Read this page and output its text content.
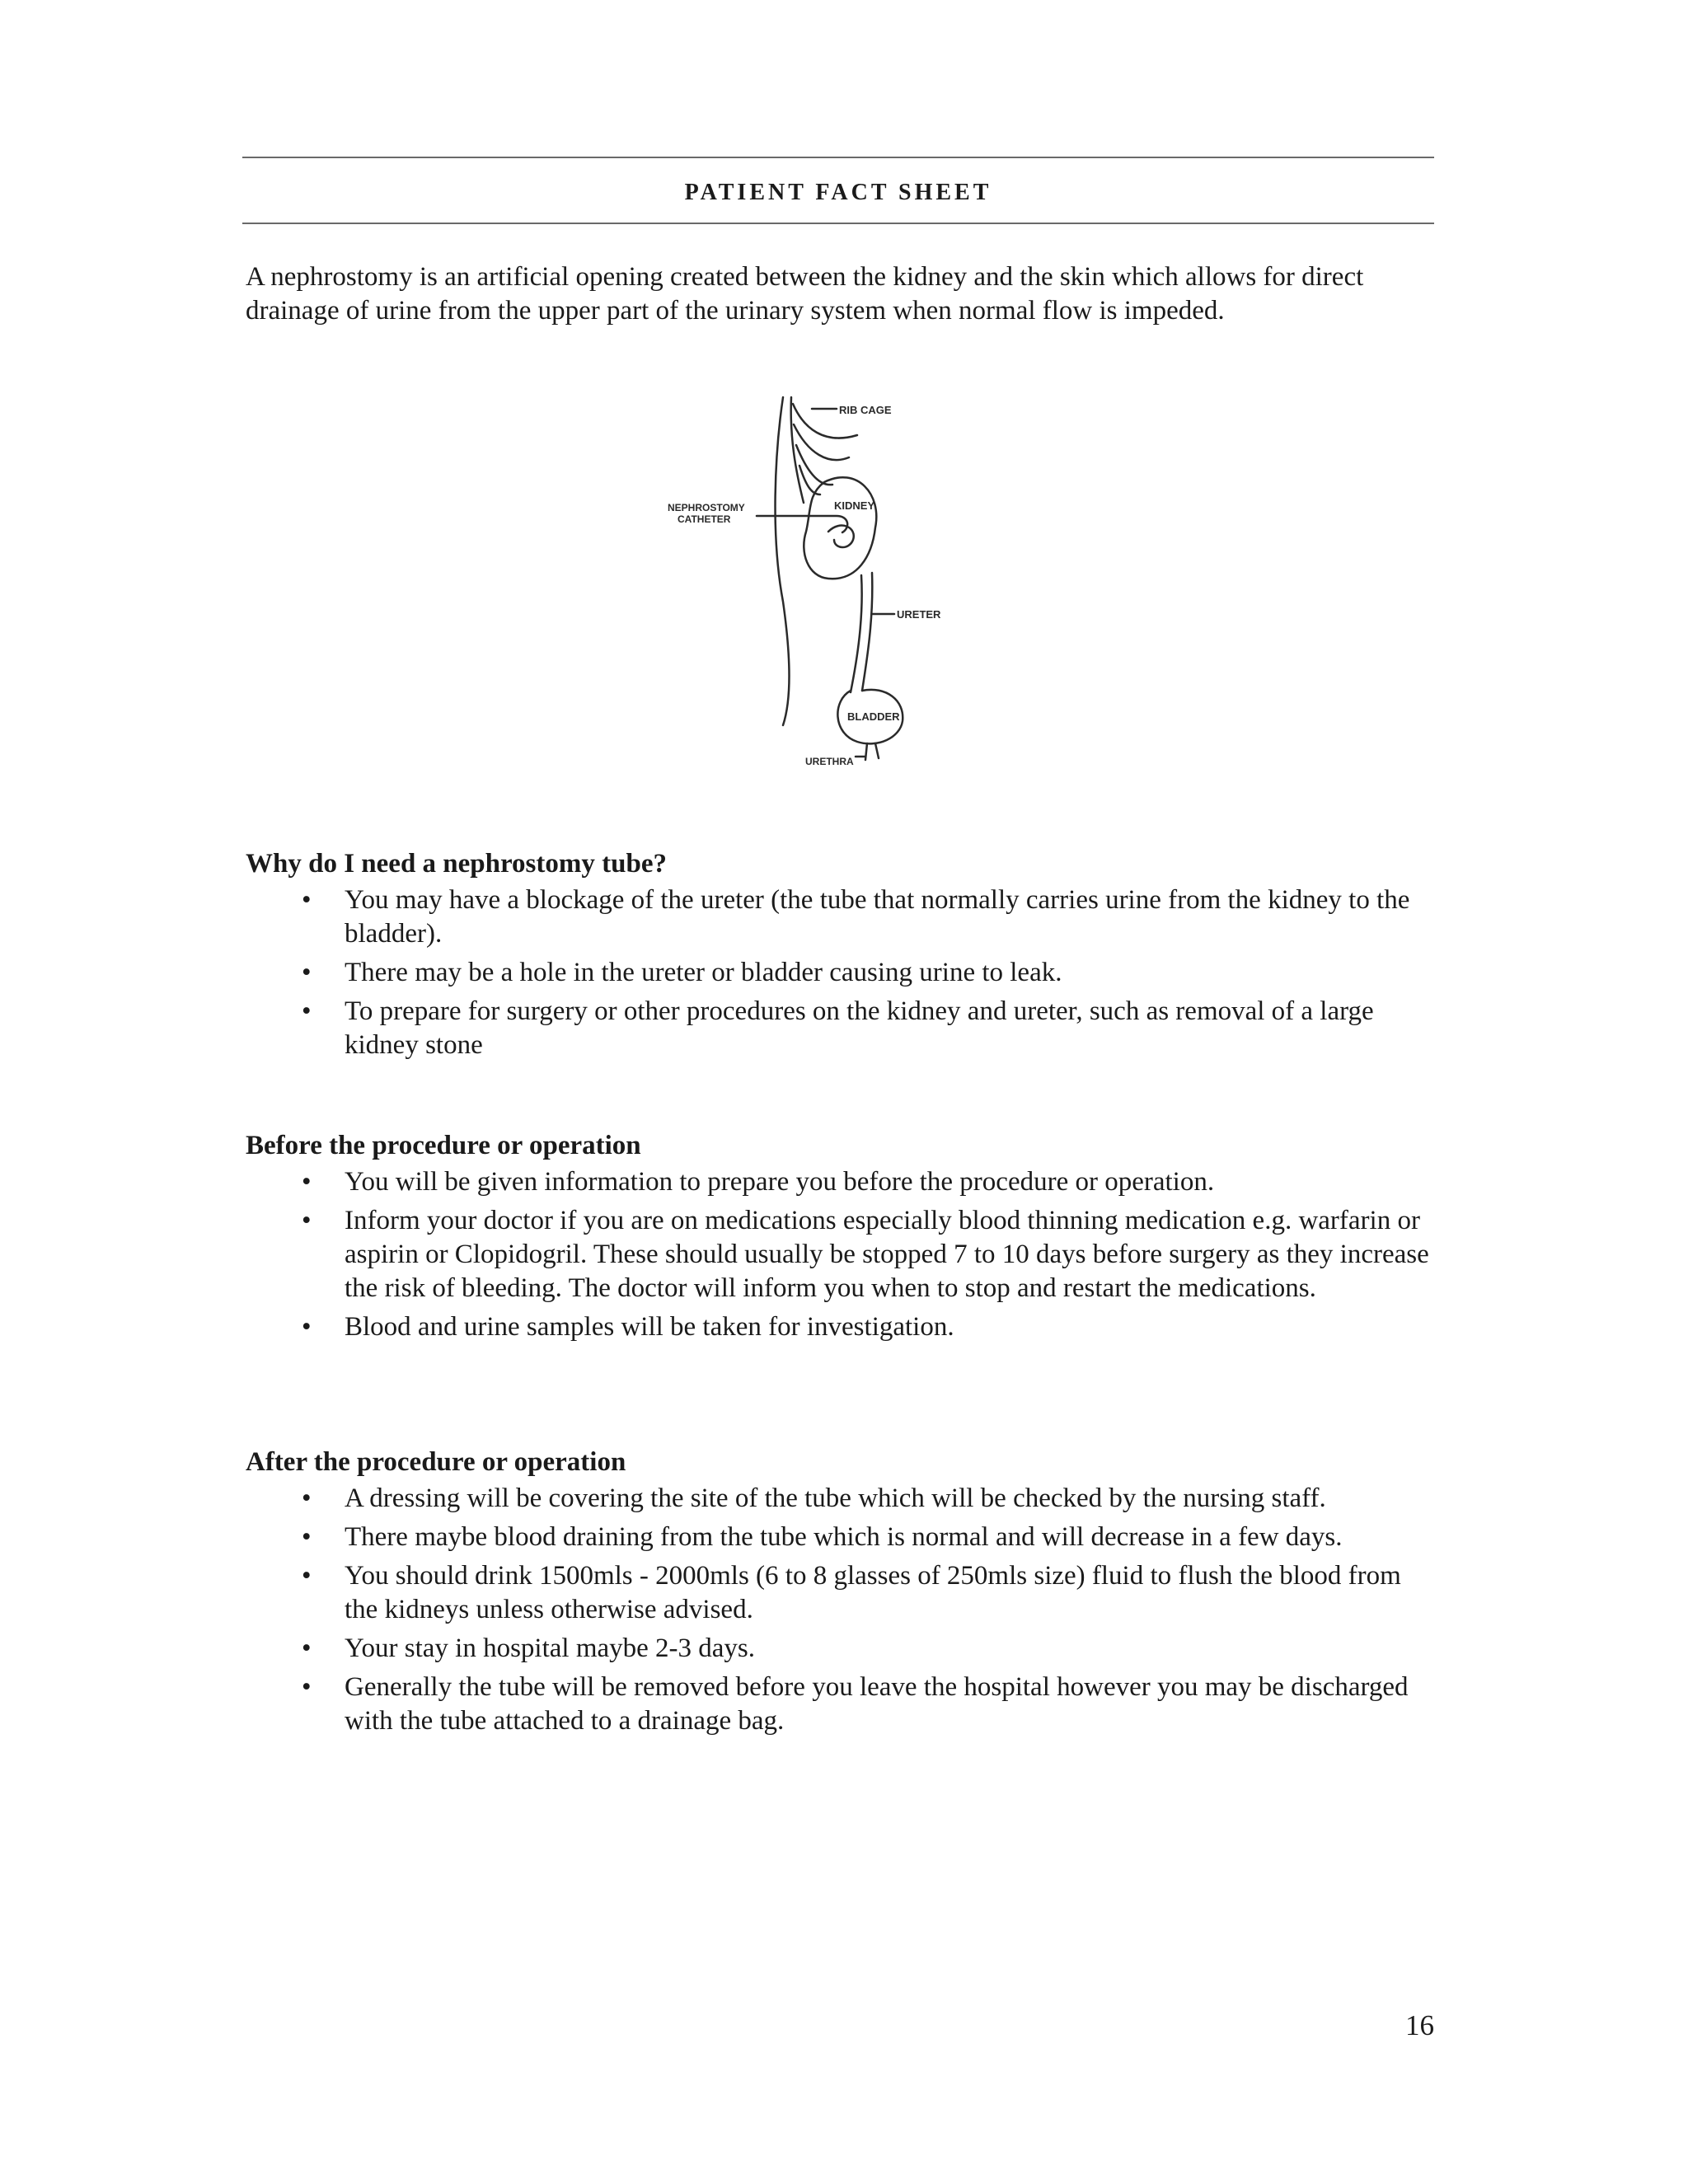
PATIENT FACT SHEET

A nephrostomy is an artificial opening created between the kidney and the skin which allows for direct drainage of urine from the upper part of the urinary system when normal flow is impeded.

RIB CAGE
NEPHROSTOMY
CATHETER
KIDNEY
URETER
BLADDER
URETHRA
Why do I need a nephrostomy tube?
• You may have a blockage of the ureter (the tube that normally carries urine from the kidney to the bladder).
• There may be a hole in the ureter or bladder causing urine to leak.
• To prepare for surgery or other procedures on the kidney and ureter, such as removal of a large kidney stone
Before the procedure or operation
• You will be given information to prepare you before the procedure or operation.
• Inform your doctor if you are on medications especially blood thinning medication e.g. warfarin or aspirin or Clopidogril. These should usually be stopped 7 to 10 days before surgery as they increase the risk of bleeding. The doctor will inform you when to stop and restart the medications.
• Blood and urine samples will be taken for investigation.
After the procedure or operation
• A dressing will be covering the site of the tube which will be checked by the nursing staff.
• There maybe blood draining from the tube which is normal and will decrease in a few days.
• You should drink 1500mls - 2000mls (6 to 8 glasses of 250mls size) fluid to flush the blood from the kidneys unless otherwise advised.
• Your stay in hospital maybe 2-3 days.
• Generally the tube will be removed before you leave the hospital however you may be discharged with the tube attached to a drainage bag.
16
